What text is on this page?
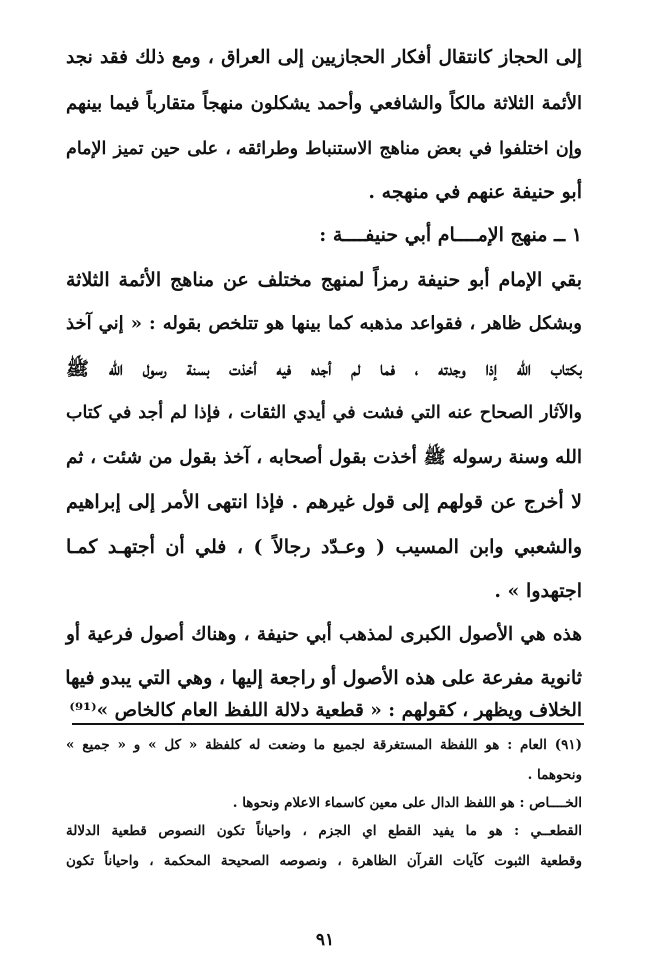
إلى الحجاز كانتقال أفكار الحجازيين إلى العراق ، ومع ذلك فقد نجد
الأئمة الثلاثة مالكاً والشافعي وأحمد يشكلون منهجاً متقارباً فيما بينهم
وإن اختلفوا في بعض مناهج الاستنباط وطرائقه ، على حين تميز الإمام
أبو حنيفة عنهم في منهجه .
١ ــ منهج الإمــــام أبي حنيفــــة :
بقي الإمام أبو حنيفة رمزاً لمنهج مختلف عن مناهج الأئمة الثلاثة
وبشكل ظاهر ، فقواعد مذهبه كما بينها هو تتلخص بقوله : « إني آخذ
بكتاب الله إذا وجدته ، فما لم أجده فيه أخذت بسنة رسول الله ﷺ
والآثار الصحاح عنه التي فشت في أيدي الثقات ، فإذا لم أجد في كتاب
الله وسنة رسوله ﷺ أخذت بقول أصحابه ، آخذ بقول من شئت ، ثم
لا أخرج عن قولهم إلى قول غيرهم . فإذا انتهى الأمر إلى إبراهيم
والشعبي وابن المسيب ( وعـدّد رجالاً ) ، فلي أن أجتهـد كمـا
اجتهدوا » .
هذه هي الأصول الكبرى لمذهب أبي حنيفة ، وهناك أصول فرعية أو
ثانوية مفرعة على هذه الأصول أو راجعة إليها ، وهي التي يبدو فيها
الخلاف ويظهر ، كقولهم : « قطعية دلالة اللفظ العام كالخاص »⁽⁹¹⁾
(٩١) العام : هو اللفظة المستغرقة لجميع ما وضعت له كلفظة « كل » و « جميع »
ونحوهما .
الخــــاص : هو اللفظ الدال على معين كاسماء الاعلام ونحوها .
القطعــي : هو ما يفيد القطع اي الجزم ، واحياناً تكون النصوص قطعية الدلالة
وقطعية الثبوت كآيات القرآن الظاهرة ، ونصوصه الصحيحة المحكمة ، واحياناً تكون
٩١
